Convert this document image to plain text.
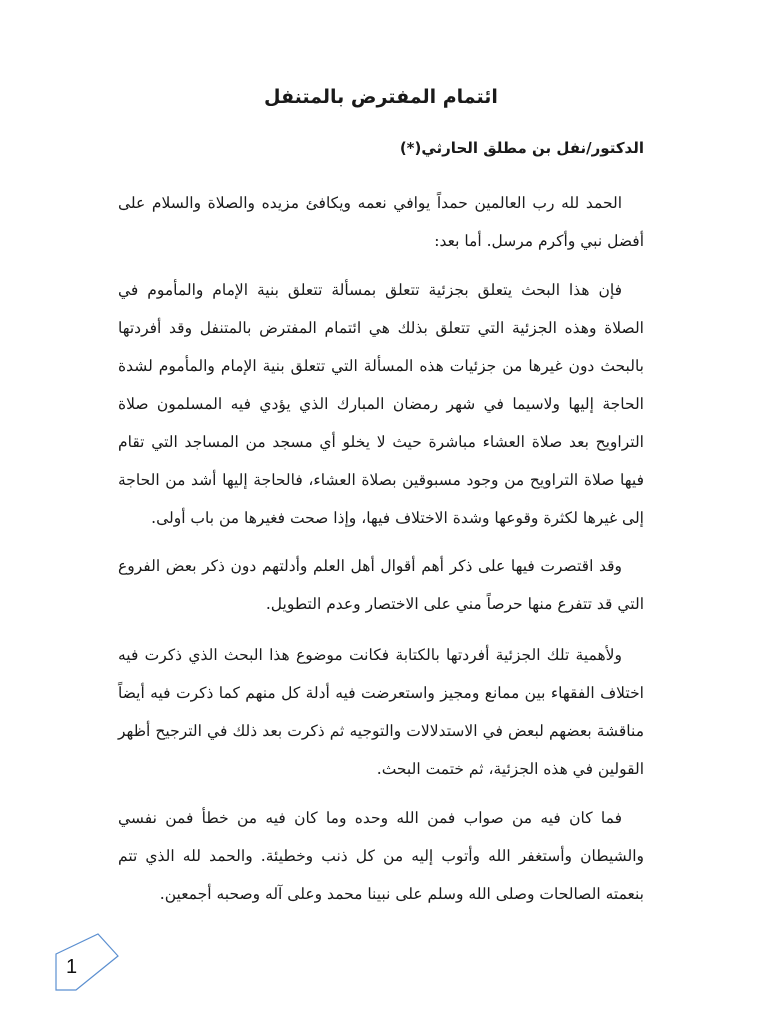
ائتمام المفترض بالمتنفل

الدكتور/نفل بن مطلق الحارثي(*)

الحمد لله رب العالمين حمداً يوافي نعمه ويكافئ مزيده والصلاة والسلام على أفضل نبي وأكرم مرسل. أما بعد:

فإن هذا البحث يتعلق بجزئية تتعلق بمسألة تتعلق بنية الإمام والمأموم في الصلاة وهذه الجزئية التي تتعلق بذلك هي ائتمام المفترض بالمتنفل وقد أفردتها بالبحث دون غيرها من جزئيات هذه المسألة التي تتعلق بنية الإمام والمأموم لشدة الحاجة إليها ولاسيما في شهر رمضان المبارك الذي يؤدي فيه المسلمون صلاة التراويح بعد صلاة العشاء مباشرة حيث لا يخلو أي مسجد من المساجد التي تقام فيها صلاة التراويح من وجود مسبوقين بصلاة العشاء، فالحاجة إليها أشد من الحاجة إلى غيرها لكثرة وقوعها وشدة الاختلاف فيها، وإذا صحت فغيرها من باب أولى.

وقد اقتصرت فيها على ذكر أهم أقوال أهل العلم وأدلتهم دون ذكر بعض الفروع التي قد تتفرع منها حرصاً مني على الاختصار وعدم التطويل.

ولأهمية تلك الجزئية أفردتها بالكتابة فكانت موضوع هذا البحث الذي ذكرت فيه اختلاف الفقهاء بين ممانع ومجيز واستعرضت فيه أدلة كل منهم كما ذكرت فيه أيضاً مناقشة بعضهم لبعض في الاستدلالات والتوجيه ثم ذكرت بعد ذلك في الترجيح أظهر القولين في هذه الجزئية، ثم ختمت البحث.

فما كان فيه من صواب فمن الله وحده وما كان فيه من خطأ فمن نفسي والشيطان وأستغفر الله وأتوب إليه من كل ذنب وخطيئة. والحمد لله الذي تتم بنعمته الصالحات وصلى الله وسلم على نبينا محمد وعلى آله وصحبه أجمعين.

1
